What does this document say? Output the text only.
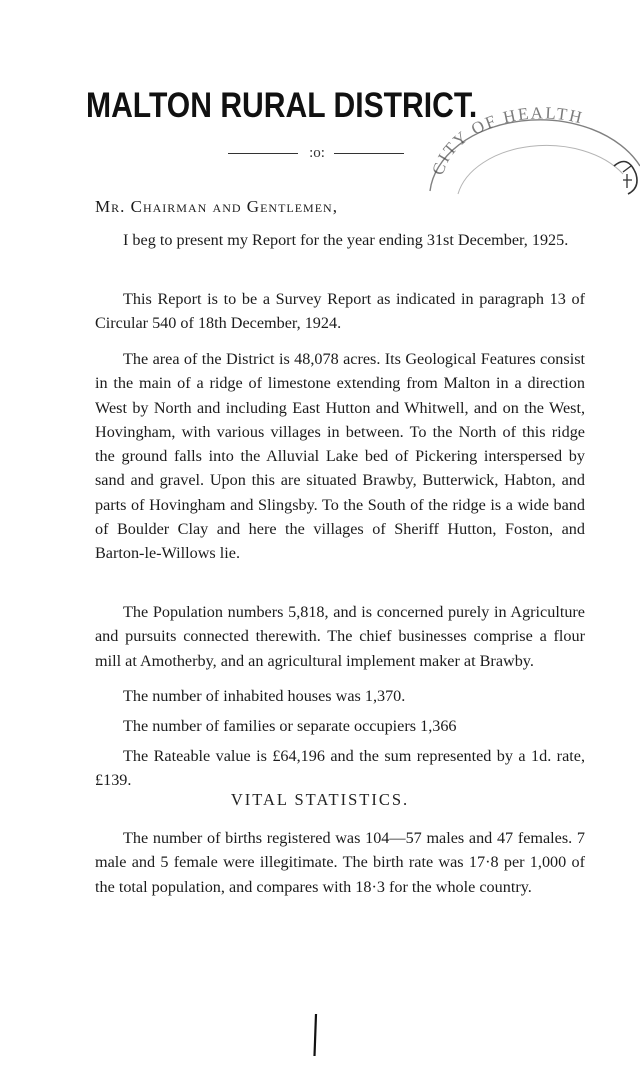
MALTON RURAL DISTRICT.
CITY OF HEALTH
:o:
Mr. Chairman and Gentlemen,

I beg to present my Report for the year ending 31st December, 1925.

This Report is to be a Survey Report as indicated in paragraph 13 of Circular 540 of 18th December, 1924.

The area of the District is 48,078 acres. Its Geological Features consist in the main of a ridge of limestone extending from Malton in a direction West by North and including East Hutton and Whitwell, and on the West, Hovingham, with various villages in between. To the North of this ridge the ground falls into the Alluvial Lake bed of Pickering interspersed by sand and gravel. Upon this are situated Brawby, Butterwick, Habton, and parts of Hovingham and Slingsby. To the South of the ridge is a wide band of Boulder Clay and here the villages of Sheriff Hutton, Foston, and Barton-le-Willows lie.

The Population numbers 5,818, and is concerned purely in Agriculture and pursuits connected therewith. The chief businesses comprise a flour mill at Amotherby, and an agricultural implement maker at Brawby.

The number of inhabited houses was 1,370.

The number of families or separate occupiers 1,366

The Rateable value is £64,196 and the sum represented by a 1d. rate, £139.

VITAL STATISTICS.

The number of births registered was 104—57 males and 47 females. 7 male and 5 female were illegitimate. The birth rate was 17·8 per 1,000 of the total population, and compares with 18·3 for the whole country.

1
